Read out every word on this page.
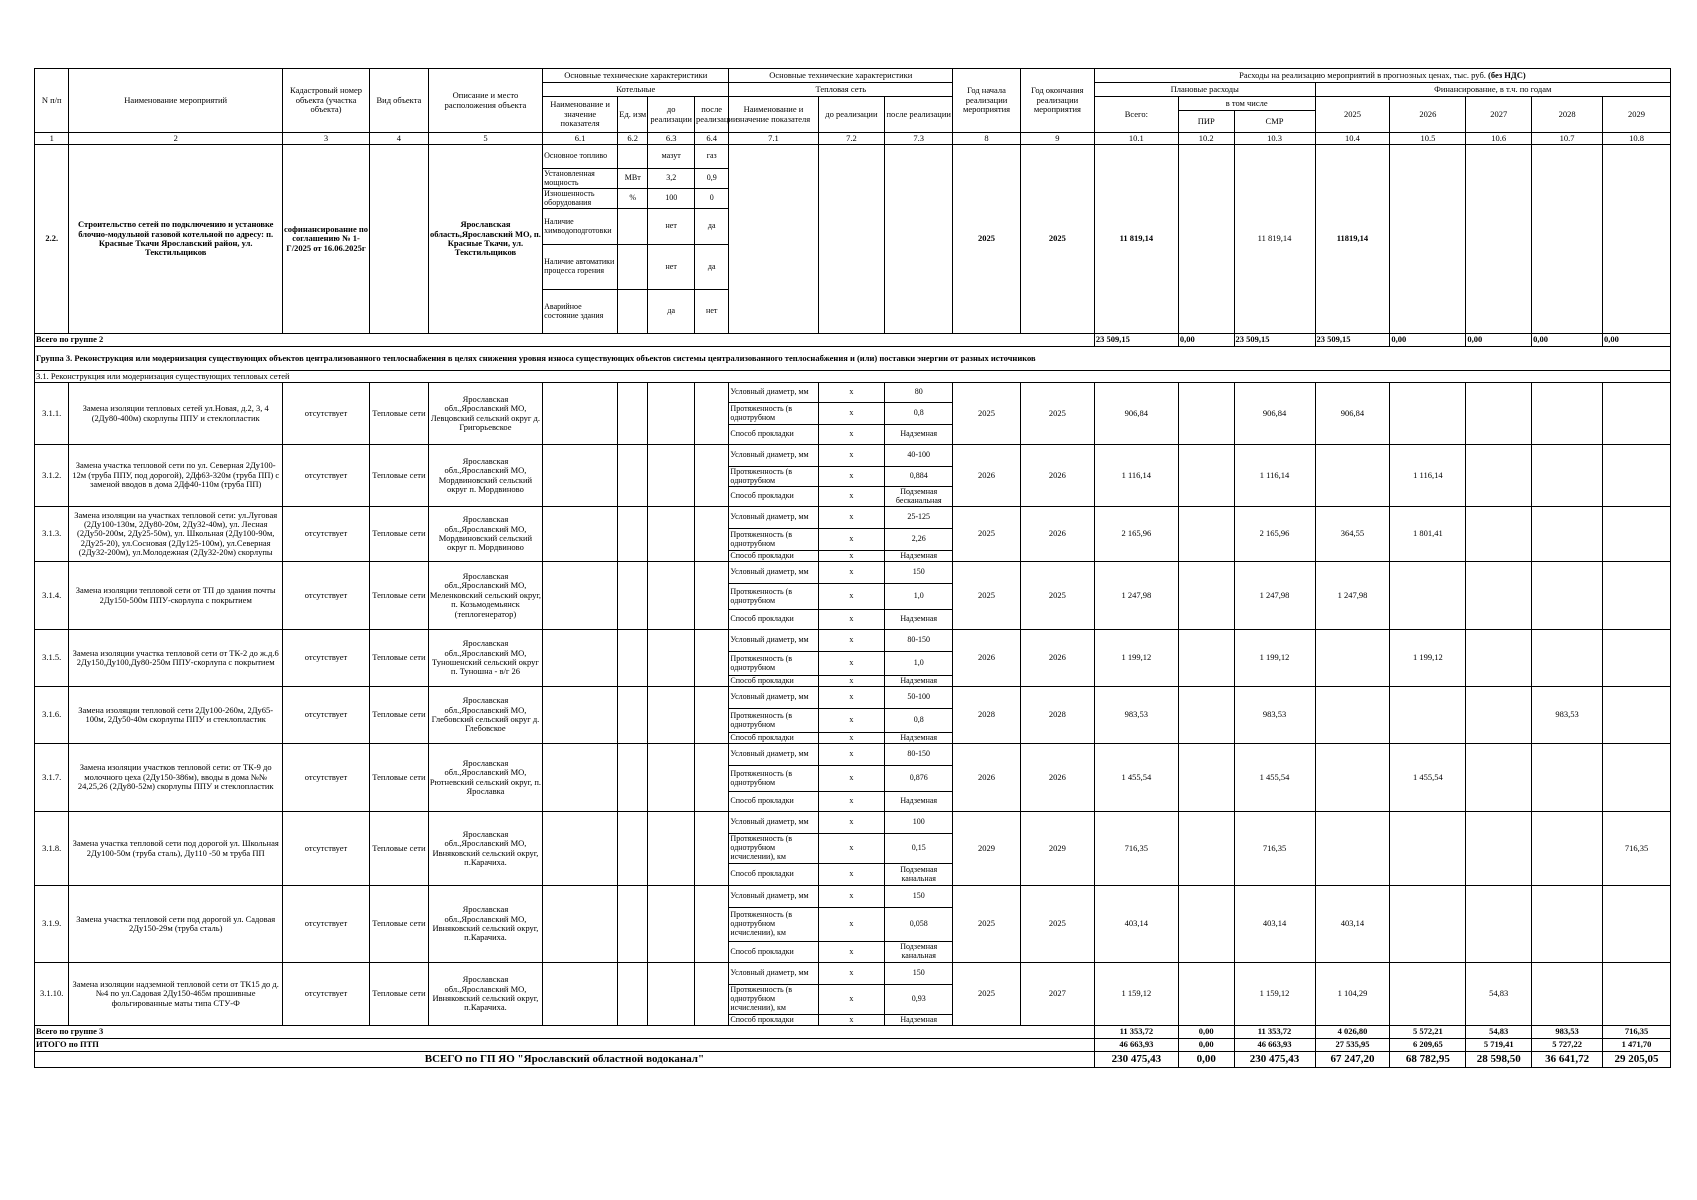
N п/п	Наименование мероприятий	Кадастровый номер объекта (участка объекта)	Вид объекта	Описание и место расположения объекта	Основные технические характеристики				Основные технические характеристики			Год начала реализации мероприятия	Год окончания реализации мероприятия	Расходы на реализацию мероприятий в прогнозных ценах, тыс. руб. (без НДС)							
					Котельные				Тепловая сеть					Плановые расходы			Финансирование, в т.ч. по годам				
					Наименование и значение показателя	Ед. изм	до реализации	после реализации	Наименование и значение показателя	до реализации	после реализации			Всего:	в том числе		2025	2026	2027	2028	2029
															ПИР	СМР					
1	2	3	4	5	6.1	6.2	6.3	6.4	7.1	7.2	7.3	8	9	10.1	10.2	10.3	10.4	10.5	10.6	10.7	10.8
2.2.	Строительство сетей по подключению и установке блочно-модульной газовой котельной по адресу: п. Красные Ткачи Ярославский район, ул. Текстильщиков	софинансирование по соглашению № 1-Г/2025 от 16.06.2025г		Ярославская область,Ярославский МО, п. Красные Ткачи, ул. Текстильщиков	Основное топливо		мазут	газ				2025	2025	11 819,14		11 819,14	11819,14				
					Установленная мощность	МВт	3,2	0,9													
					Изношенность оборудования	%	100	0													
					Наличие химводоподготовки		нет	да													
					Наличие автоматики процесса горения		нет	да													
					Аварийное состояние здания		да	нет													
Всего по группе 2														23 509,15	0,00	23 509,15	23 509,15	0,00	0,00	0,00	0,00
Группа 3. Реконструкция или модернизация существующих объектов централизованного теплоснабжения в целях снижения уровня износа существующих объектов системы централизованного теплоснабжения и (или) поставки энергии от разных источников																					
3.1. Реконструкция или модернизация существующих тепловых сетей																					
3.1.1.	Замена изоляции тепловых сетей ул.Новая, д.2, 3, 4 (2Ду80-400м) скорлупы ППУ и стеклопластик	отсутствует	Тепловые сети	Ярославская обл.,Ярославский МО, Левцовский сельский округ д. Григорьевское					Условный диаметр, мм	х	80	2025	2025	906,84		906,84	906,84				
									Протяженность (в однотрубном	х	0,8										
									Способ прокладки	х	Надземная										
3.1.2.	Замена участка тепловой сети по ул. Северная 2Ду100-12м (труба ППУ, под дорогой), 2Дф63-320м (труба ПП) с заменой вводов в дома 2Дф40-110м (труба ПП)	отсутствует	Тепловые сети	Ярославская обл.,Ярославский МО, Мордвиновский сельский округ п. Мордвиново					Условный диаметр, мм	х	40-100	2026	2026	1 116,14		1 116,14		1 116,14			
									Протяженность (в однотрубном	х	0,884										
									Способ прокладки	х	Подземная бесканальная										
3.1.3.	Замена изоляции на участках тепловой сети: ул.Луговая (2Ду100-130м, 2Ду80-20м, 2Ду32-40м), ул. Лесная (2Ду50-200м, 2Ду25-50м), ул. Школьная (2Ду100-90м, 2Ду25-20), ул.Сосновая (2Ду125-100м), ул.Северная (2Ду32-200м), ул.Молодежная (2Ду32-20м) скорлупы	отсутствует	Тепловые сети	Ярославская обл.,Ярославский МО, Мордвиновский сельский округ п. Мордвиново					Условный диаметр, мм	х	25-125	2025	2026	2 165,96		2 165,96	364,55	1 801,41			
									Протяженность (в однотрубном	х	2,26										
									Способ прокладки	х	Надземная										
3.1.4.	Замена изоляции тепловой сети от ТП до здания почты 2Ду150-500м ППУ-скорлупа с покрытием	отсутствует	Тепловые сети	Ярославская обл.,Ярославский МО, Меленковский сельский округ, п. Козьмодемьянск (теплогенератор)					Условный диаметр, мм	х	150	2025	2025	1 247,98		1 247,98	1 247,98				
									Протяженность (в однотрубном	х	1,0										
									Способ прокладки	х	Надземная										
3.1.5.	Замена изоляции участка тепловой сети от ТК-2 до ж.д.6 2Ду150,Ду100,Ду80-250м ППУ-скорлупа с покрытием	отсутствует	Тепловые сети	Ярославская обл.,Ярославский МО, Туношенский сельский округ п. Туношна - в/г 26					Условный диаметр, мм	х	80-150	2026	2026	1 199,12		1 199,12		1 199,12			
									Протяженность (в однотрубном	х	1,0										
									Способ прокладки	х	Надземная										
3.1.6.	Замена изоляции тепловой сети 2Ду100-260м, 2Ду65-100м, 2Ду50-40м скорлупы ППУ и стеклопластик	отсутствует	Тепловые сети	Ярославская обл.,Ярославский МО, Глебовский сельский округ д. Глебовское					Условный диаметр, мм	х	50-100	2028	2028	983,53		983,53				983,53	
									Протяженность (в однотрубном	х	0,8										
									Способ прокладки	х	Надземная										
3.1.7.	Замена изоляции участков тепловой сети: от ТК-9 до молочного цеха (2Ду150-386м), вводы в дома №№ 24,25,26 (2Ду80-52м) скорлупы ППУ и стеклопластик	отсутствует	Тепловые сети	Ярославская обл.,Ярославский МО, Рютневский сельский округ, п. Ярославка					Условный диаметр, мм	х	80-150	2026	2026	1 455,54		1 455,54		1 455,54			
									Протяженность (в однотрубном	х	0,876										
									Способ прокладки	х	Надземная										
3.1.8.	Замена участка тепловой сети под дорогой ул. Школьная 2Ду100-50м (труба сталь), Ду110 -50 м труба ПП	отсутствует	Тепловые сети	Ярославская обл.,Ярославский МО, Ивняковский сельский округ, п.Карачиха.					Условный диаметр, мм	х	100	2029	2029	716,35		716,35					716,35
									Протяженность (в однотрубном исчислении), км	х	0,15										
									Способ прокладки	х	Подземная канальная										
3.1.9.	Замена участка тепловой сети под дорогой ул. Садовая 2Ду150-29м (труба сталь)	отсутствует	Тепловые сети	Ярославская обл.,Ярославский МО, Ивняковский сельский округ, п.Карачиха.					Условный диаметр, мм	х	150	2025	2025	403,14		403,14	403,14				
									Протяженность (в однотрубном исчислении), км	х	0,058										
									Способ прокладки	х	Подземная канальная										
3.1.10.	Замена изоляции надземной тепловой сети от ТК15 до д.№4 по ул.Садовая 2Ду150-465м прошивные фольгированные маты типа СТУ-Ф	отсутствует	Тепловые сети	Ярославская обл.,Ярославский МО, Ивняковский сельский округ, п.Карачиха.					Условный диаметр, мм	х	150	2025	2027	1 159,12		1 159,12	1 104,29		54,83		
									Протяженность (в однотрубном исчислении), км	х	0,93										
									Способ прокладки	х	Надземная										
Всего по группе 3														11 353,72	0,00	11 353,72	4 026,80	5 572,21	54,83	983,53	716,35
ИТОГО по ПТП														46 663,93	0,00	46 663,93	27 535,95	6 209,65	5 719,41	5 727,22	1 471,70
ВСЕГО по ГП ЯО "Ярославский областной водоканал"														230 475,43	0,00	230 475,43	67 247,20	68 782,95	28 598,50	36 641,72	29 205,05
